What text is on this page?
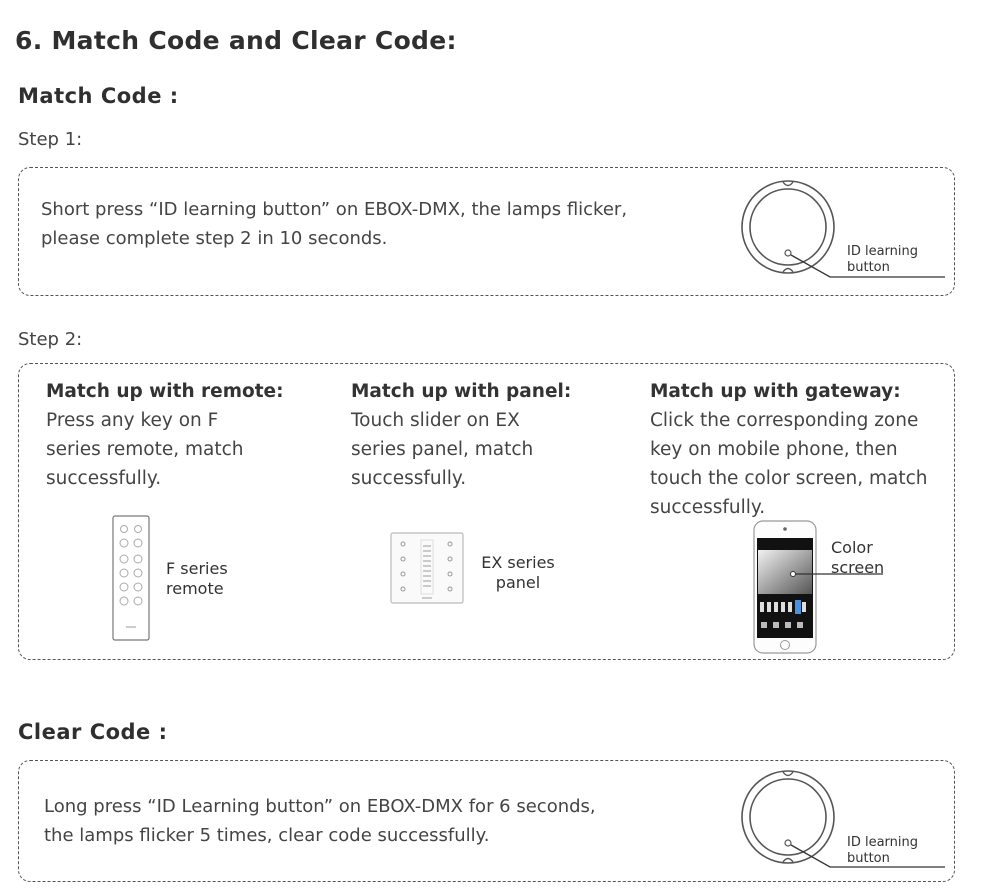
6. Match Code and Clear Code:
Match Code :
Step 1:
Short press “ID learning button” on EBOX-DMX, the lamps flicker,
please complete step 2 in 10 seconds.
ID learning
button
Step 2:
Match up with remote:
Press any key on F
series remote, match
successfully.
F series
remote
Match up with panel:
Touch slider on EX
series panel, match
successfully.
EX series
panel
Match up with gateway:
Click the corresponding zone
key on mobile phone, then
touch the color screen, match
successfully.
Color
screen
Clear Code :
Long press “ID Learning button” on EBOX-DMX for 6 seconds,
the lamps flicker 5 times, clear code successfully.	ID learning
button
